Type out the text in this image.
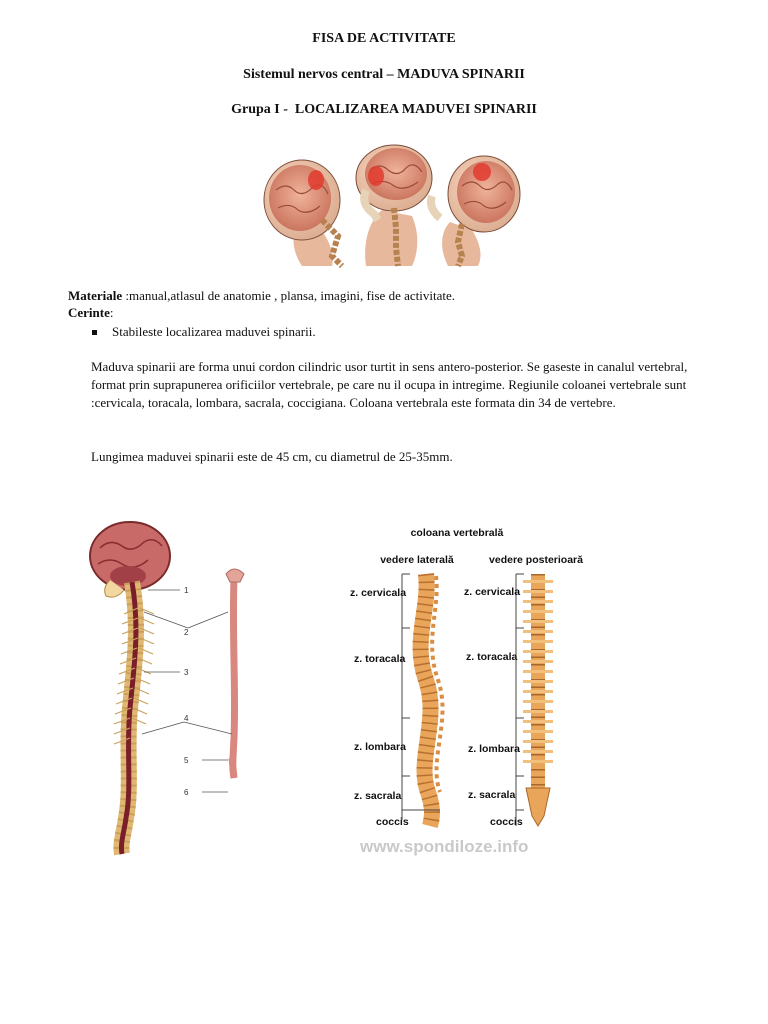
FISA DE ACTIVITATE
Sistemul nervos central – MADUVA SPINARII
Grupa I - LOCALIZAREA MADUVEI SPINARII
Materiale :manual,atlasul de anatomie , plansa, imagini, fise de activitate.
Cerinte:
Stabileste localizarea maduvei spinarii.
Maduva spinarii are forma unui cordon cilindric usor turtit in sens antero-posterior. Se gaseste in canalul vertebral, format prin suprapunerea orificiilor vertebrale, pe care nu il ocupa in intregime. Regiunile coloanei vertebrale sunt :cervicala, toracala, lombara, sacrala, coccigiana. Coloana vertebrala este formata din 34 de vertebre.
Lungimea maduvei spinarii este de 45 cm, cu diametrul de 25-35mm.
1
2
3
4
5
6
coloana vertebrală
vedere laterală	vedere posterioară
z. cervicala
z. toracala
z. lombara
z. sacrala
coccis
z. cervicala
z. toracala
z. lombara
z. sacrala
coccis
www.spondiloze.info
